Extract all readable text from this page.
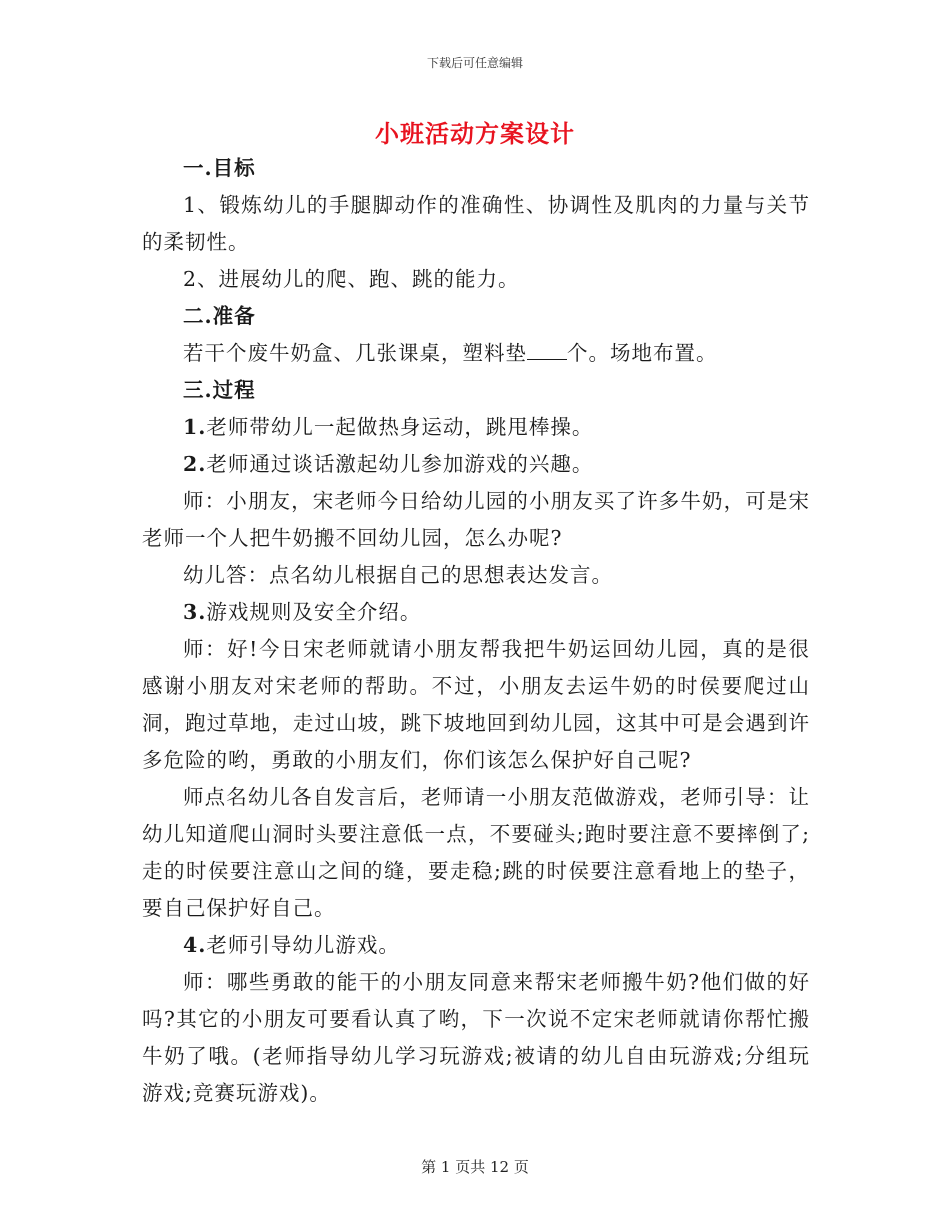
下载后可任意编辑
小班活动方案设计

一.目标

1、锻炼幼儿的手腿脚动作的准确性、协调性及肌肉的力量与关节的柔韧性。

2、进展幼儿的爬、跑、跳的能力。

二.准备

若干个废牛奶盒、几张课桌，塑料垫 个。场地布置。

三.过程

1.老师带幼儿一起做热身运动，跳甩棒操。

2.老师通过谈话激起幼儿参加游戏的兴趣。

师：小朋友，宋老师今日给幼儿园的小朋友买了许多牛奶，可是宋老师一个人把牛奶搬不回幼儿园，怎么办呢?

幼儿答：点名幼儿根据自己的思想表达发言。

3.游戏规则及安全介绍。

师：好!今日宋老师就请小朋友帮我把牛奶运回幼儿园，真的是很感谢小朋友对宋老师的帮助。不过，小朋友去运牛奶的时侯要爬过山洞，跑过草地，走过山坡，跳下坡地回到幼儿园，这其中可是会遇到许多危险的哟，勇敢的小朋友们，你们该怎么保护好自己呢?

师点名幼儿各自发言后，老师请一小朋友范做游戏，老师引导：让幼儿知道爬山洞时头要注意低一点，不要碰头;跑时要注意不要摔倒了;走的时侯要注意山之间的缝，要走稳;跳的时侯要注意看地上的垫子，要自己保护好自己。

4.老师引导幼儿游戏。

师：哪些勇敢的能干的小朋友同意来帮宋老师搬牛奶?他们做的好吗?其它的小朋友可要看认真了哟，下一次说不定宋老师就请你帮忙搬牛奶了哦。(老师指导幼儿学习玩游戏;被请的幼儿自由玩游戏;分组玩游戏;竞赛玩游戏)。

第 1 页共 12 页
